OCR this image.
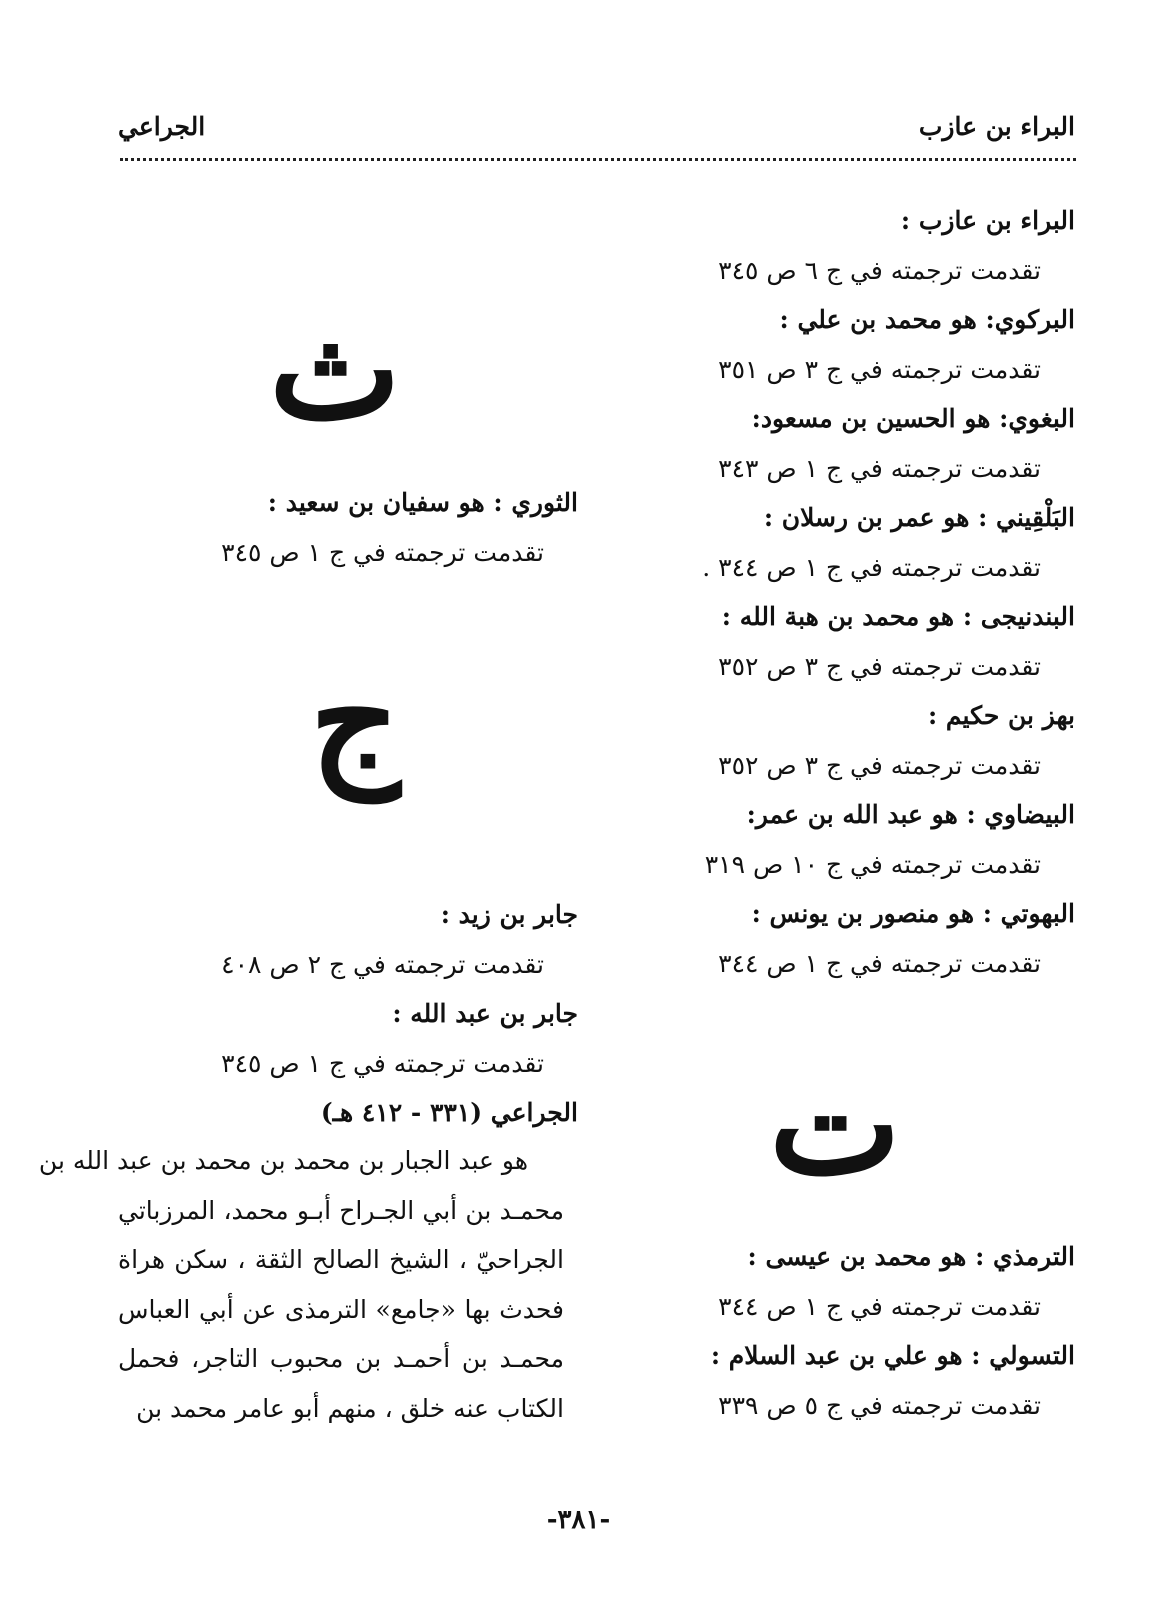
البراء بن عازب
الجراعي
البراء بن عازب :
تقدمت ترجمته في ج ٦ ص ٣٤٥
البركوي: هو محمد بن علي :
تقدمت ترجمته في ج ٣ ص ٣٥١
البغوي: هو الحسين بن مسعود:
تقدمت ترجمته في ج ١ ص ٣٤٣
البَلْقِيني : هو عمر بن رسلان :
تقدمت ترجمته في ج ١ ص ٣٤٤ .
البندنيجى : هو محمد بن هبة الله :
تقدمت ترجمته في ج ٣ ص ٣٥٢
بهز بن حكيم :
تقدمت ترجمته في ج ٣ ص ٣٥٢
البيضاوي : هو عبد الله بن عمر:
تقدمت ترجمته في ج ١٠ ص ٣١٩
البهوتي : هو منصور بن يونس :
تقدمت ترجمته في ج ١ ص ٣٤٤
ت
الترمذي : هو محمد بن عيسى :
تقدمت ترجمته في ج ١ ص ٣٤٤
التسولي : هو علي بن عبد السلام :
تقدمت ترجمته في ج ٥ ص ٣٣٩
ث
الثوري : هو سفيان بن سعيد :
تقدمت ترجمته في ج ١ ص ٣٤٥
ج
جابر بن زيد :
تقدمت ترجمته في ج ٢ ص ٤٠٨
جابر بن عبد الله :
تقدمت ترجمته في ج ١ ص ٣٤٥
الجراعي (٣٣١ - ٤١٢ هـ)
هو عبد الجبار بن محمد بن محمد بن عبد الله بن
محمـد بن أبي الجـراح أبـو محمد، المرزباتي
الجراحيّ ، الشيخ الصالح الثقة ، سكن هراة
فحدث بها «جامع» الترمذى عن أبي العباس
محمـد بن أحمـد بن محبوب التاجر، فحمل
الكتاب عنه خلق ، منهم أبو عامر محمد بن
-٣٨١-
